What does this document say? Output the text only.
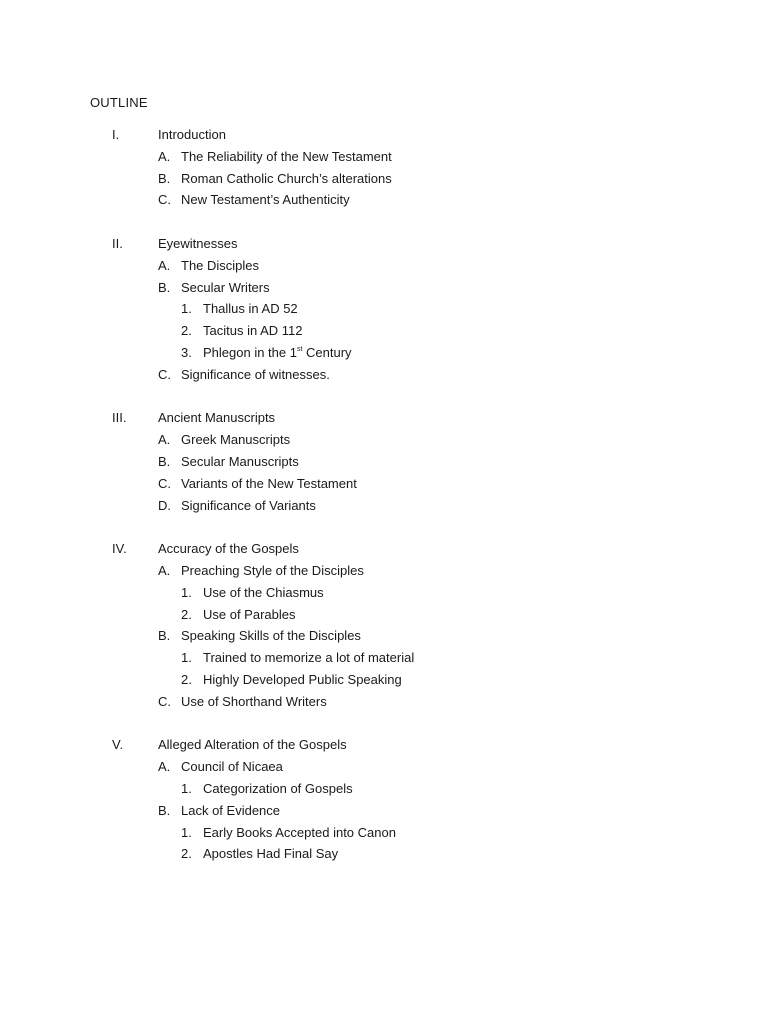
OUTLINE
I.	Introduction
A. The Reliability of the New Testament
B. Roman Catholic Church’s alterations
C. New Testament’s Authenticity
II.	Eyewitnesses
A. The Disciples
B. Secular Writers
1. Thallus in AD 52
2. Tacitus in AD 112
3. Phlegon in the 1st Century
C. Significance of witnesses.
III. Ancient Manuscripts
A. Greek Manuscripts
B. Secular Manuscripts
C. Variants of the New Testament
D. Significance of Variants
IV. Accuracy of the Gospels
A. Preaching Style of the Disciples
1. Use of the Chiasmus
2. Use of Parables
B. Speaking Skills of the Disciples
1. Trained to memorize a lot of material
2. Highly Developed Public Speaking
C. Use of Shorthand Writers
V.	Alleged Alteration of the Gospels
A. Council of Nicaea
1. Categorization of Gospels
B. Lack of Evidence
1. Early Books Accepted into Canon
2. Apostles Had Final Say
